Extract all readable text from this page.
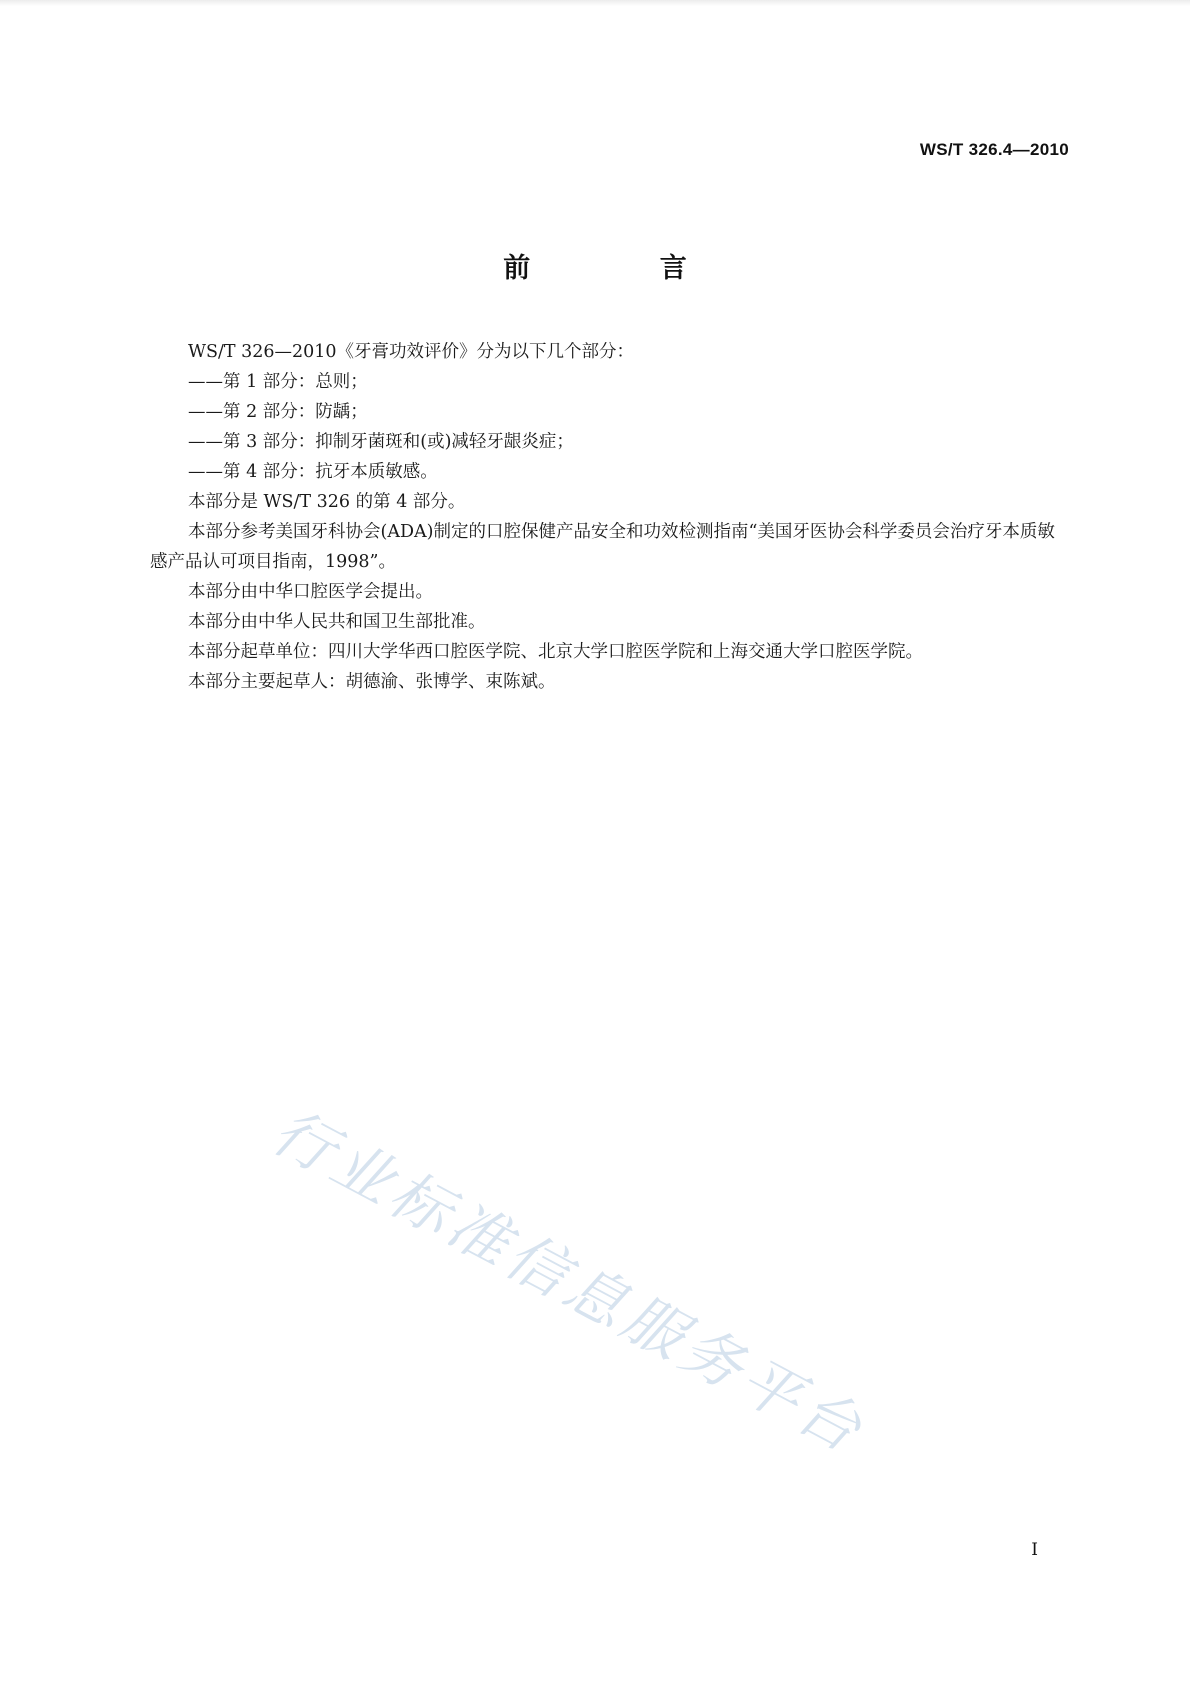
WS/T 326.4—2010
前 言

WS/T 326—2010《牙膏功效评价》分为以下几个部分：

——第 1 部分：总则；

——第 2 部分：防龋；

——第 3 部分：抑制牙菌斑和(或)减轻牙龈炎症；

——第 4 部分：抗牙本质敏感。

本部分是 WS/T 326 的第 4 部分。

本部分参考美国牙科协会(ADA)制定的口腔保健产品安全和功效检测指南“美国牙医协会科学委员会治疗牙本质敏感产品认可项目指南，1998”。

本部分由中华口腔医学会提出。

本部分由中华人民共和国卫生部批准。

本部分起草单位：四川大学华西口腔医学院、北京大学口腔医学院和上海交通大学口腔医学院。

本部分主要起草人：胡德渝、张博学、束陈斌。

行业标准信息服务平台
I
